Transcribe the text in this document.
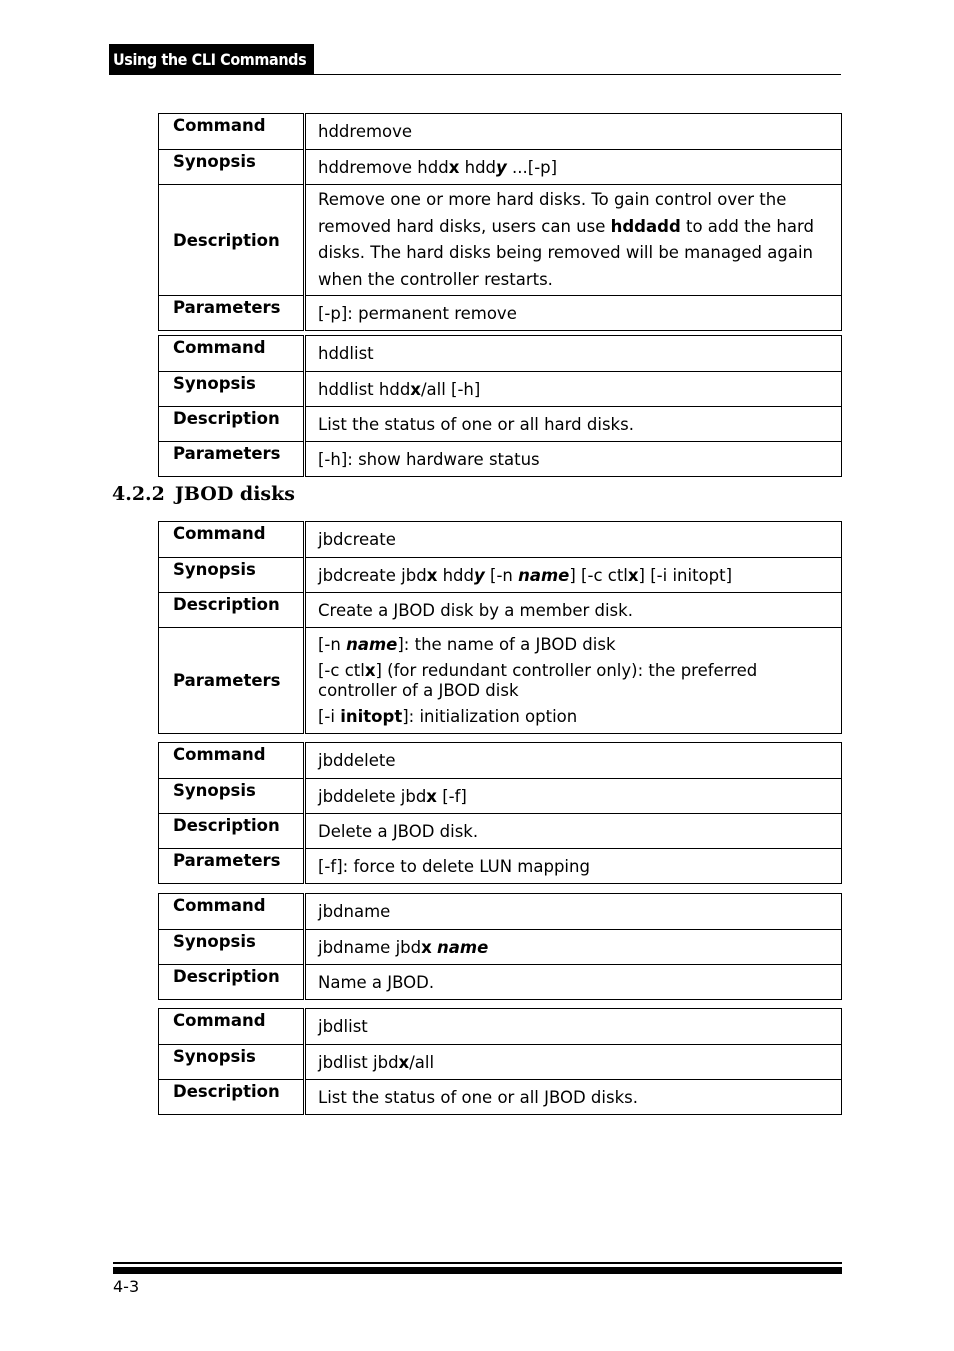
Using the CLI Commands
Command	hddremove
Synopsis	hddremove hddx hddy ...[-p]
Description	Remove one or more hard disks. To gain control over the removed hard disks, users can use hddadd to add the hard disks. The hard disks being removed will be managed again when the controller restarts.
Parameters	[-p]: permanent remove
Command	hddlist
Synopsis	hddlist hddx/all [-h]
Description	List the status of one or all hard disks.
Parameters	[-h]: show hardware status
4.2.2 JBOD disks
Command	jbdcreate
Synopsis	jbdcreate jbdx hddy [-n name] [-c ctlx] [-i initopt]
Description	Create a JBOD disk by a member disk.
Parameters	[-n name]: the name of a JBOD disk
[-c ctlx] (for redundant controller only): the preferred controller of a JBOD disk
[-i initopt]: initialization option
Command	jbddelete
Synopsis	jbddelete jbdx [-f]
Description	Delete a JBOD disk.
Parameters	[-f]: force to delete LUN mapping
Command	jbdname
Synopsis	jbdname jbdx name
Description	Name a JBOD.
Command	jbdlist
Synopsis	jbdlist jbdx/all
Description	List the status of one or all JBOD disks.
4-3
